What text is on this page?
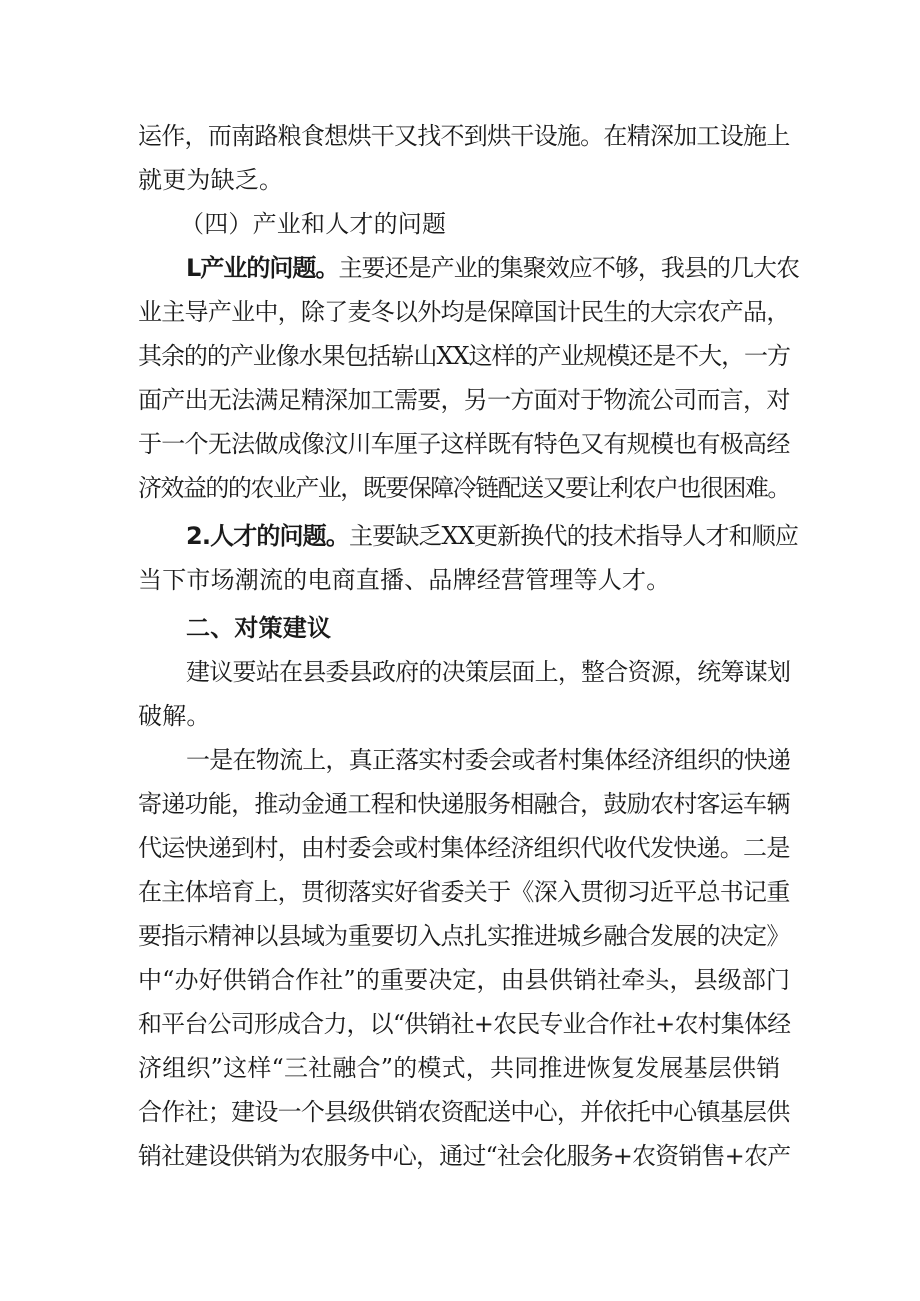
运作，而南路粮食想烘干又找不到烘干设施。在精深加工设施上
就更为缺乏。
（四）产业和人才的问题
L产业的问题。主要还是产业的集聚效应不够，我县的几大农
业主导产业中，除了麦冬以外均是保障国计民生的大宗农产品，
其余的的产业像水果包括崭山XX这样的产业规模还是不大，一方
面产出无法满足精深加工需要，另一方面对于物流公司而言，对
于一个无法做成像汶川车厘子这样既有特色又有规模也有极高经
济效益的的农业产业，既要保障冷链配送又要让利农户也很困难。
2.人才的问题。主要缺乏XX更新换代的技术指导人才和顺应
当下市场潮流的电商直播、品牌经营管理等人才。
二、对策建议
建议要站在县委县政府的决策层面上，整合资源，统筹谋划
破解。
一是在物流上，真正落实村委会或者村集体经济组织的快递
寄递功能，推动金通工程和快递服务相融合，鼓励农村客运车辆
代运快递到村，由村委会或村集体经济组织代收代发快递。二是
在主体培育上，贯彻落实好省委关于《深入贯彻习近平总书记重
要指示精神以县域为重要切入点扎实推进城乡融合发展的决定》
中“办好供销合作社”的重要决定，由县供销社牵头，县级部门
和平台公司形成合力，以“供销社+农民专业合作社+农村集体经
济组织”这样“三社融合”的模式，共同推进恢复发展基层供销
合作社；建设一个县级供销农资配送中心，并依托中心镇基层供
销社建设供销为农服务中心，通过“社会化服务+农资销售+农产
